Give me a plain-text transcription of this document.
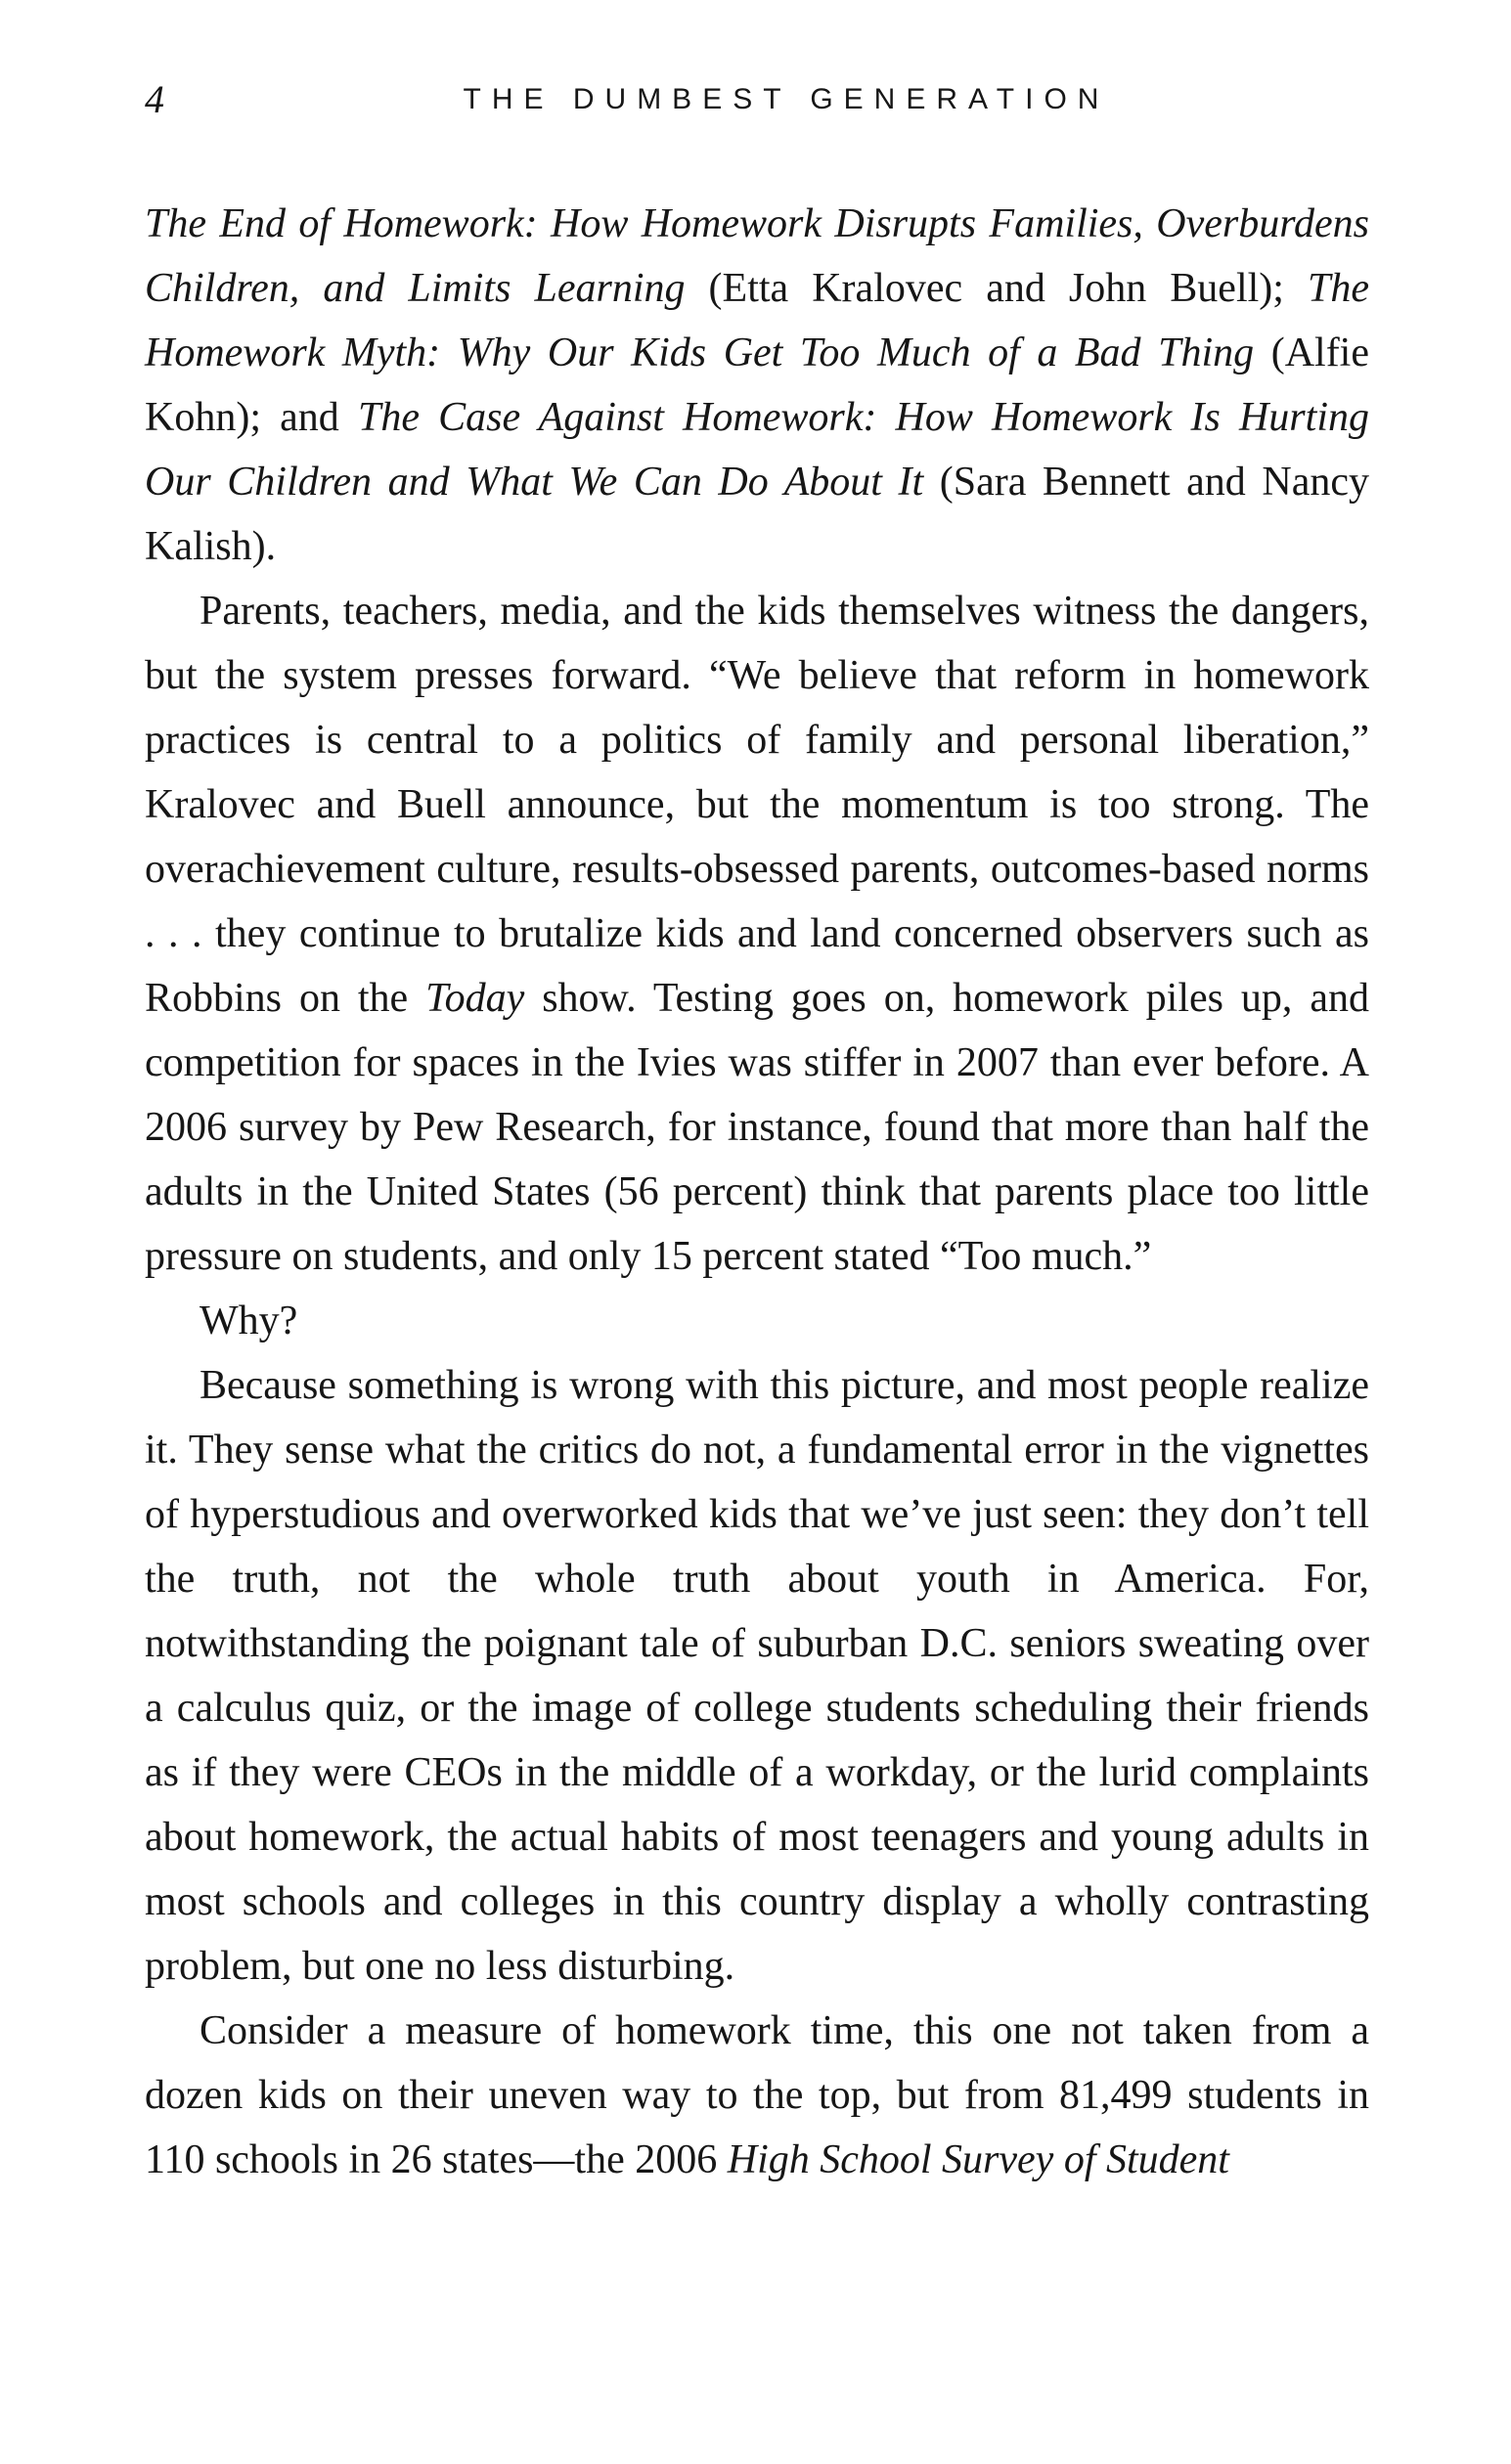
4	THE DUMBEST GENERATION

The End of Homework: How Homework Disrupts Families, Overburdens Children, and Limits Learning (Etta Kralovec and John Buell); The Homework Myth: Why Our Kids Get Too Much of a Bad Thing (Alfie Kohn); and The Case Against Homework: How Homework Is Hurting Our Children and What We Can Do About It (Sara Bennett and Nancy Kalish).

Parents, teachers, media, and the kids themselves witness the dangers, but the system presses forward. “We believe that reform in homework practices is central to a politics of family and personal liberation,” Kralovec and Buell announce, but the momentum is too strong. The overachievement culture, results-obsessed parents, outcomes-based norms . . . they continue to brutalize kids and land concerned observers such as Robbins on the Today show. Testing goes on, homework piles up, and competition for spaces in the Ivies was stiffer in 2007 than ever before. A 2006 survey by Pew Research, for instance, found that more than half the adults in the United States (56 percent) think that parents place too little pressure on students, and only 15 percent stated “Too much.”

Why?

Because something is wrong with this picture, and most people realize it. They sense what the critics do not, a fundamental error in the vignettes of hyperstudious and overworked kids that we’ve just seen: they don’t tell the truth, not the whole truth about youth in America. For, notwithstanding the poignant tale of suburban D.C. seniors sweating over a calculus quiz, or the image of college students scheduling their friends as if they were CEOs in the middle of a workday, or the lurid complaints about homework, the actual habits of most teenagers and young adults in most schools and colleges in this country display a wholly contrasting problem, but one no less disturbing.

Consider a measure of homework time, this one not taken from a dozen kids on their uneven way to the top, but from 81,499 students in 110 schools in 26 states—the 2006 High School Survey of Student
